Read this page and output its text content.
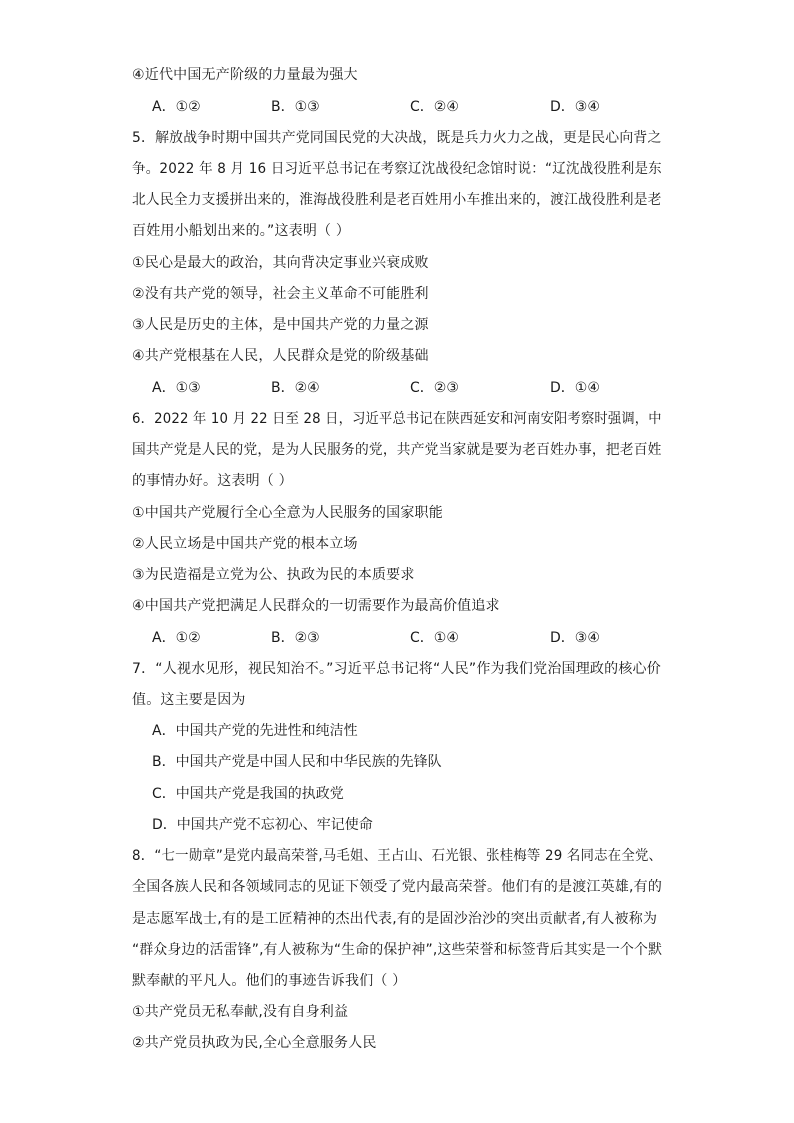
④近代中国无产阶级的力量最为强大
A．①②	B．①③	C．②④	D．③④
5．解放战争时期中国共产党同国民党的大决战，既是兵力火力之战，更是民心向背之
争。2022 年 8 月 16 日习近平总书记在考察辽沈战役纪念馆时说：“辽沈战役胜利是东
北人民全力支援拼出来的，淮海战役胜利是老百姓用小车推出来的，渡江战役胜利是老
百姓用小船划出来的。”这表明（ ）
①民心是最大的政治，其向背决定事业兴衰成败
②没有共产党的领导，社会主义革命不可能胜利
③人民是历史的主体，是中国共产党的力量之源
④共产党根基在人民，人民群众是党的阶级基础
A．①③	B．②④	C．②③	D．①④
6．2022 年 10 月 22 日至 28 日，习近平总书记在陕西延安和河南安阳考察时强调，中
国共产党是人民的党，是为人民服务的党，共产党当家就是要为老百姓办事，把老百姓
的事情办好。这表明（ ）
①中国共产党履行全心全意为人民服务的国家职能
②人民立场是中国共产党的根本立场
③为民造福是立党为公、执政为民的本质要求
④中国共产党把满足人民群众的一切需要作为最高价值追求
A．①②	B．②③	C．①④	D．③④
7．“人视水见形，视民知治不。”习近平总书记将“人民”作为我们党治国理政的核心价
值。这主要是因为
A．中国共产党的先进性和纯洁性
B．中国共产党是中国人民和中华民族的先锋队
C．中国共产党是我国的执政党
D．中国共产党不忘初心、牢记使命
8．“七一勋章”是党内最高荣誉,马毛姐、王占山、石光银、张桂梅等 29 名同志在全党、
全国各族人民和各领域同志的见证下领受了党内最高荣誉。他们有的是渡江英雄,有的
是志愿军战士,有的是工匠精神的杰出代表,有的是固沙治沙的突出贡献者,有人被称为
“群众身边的活雷锋”,有人被称为“生命的保护神”,这些荣誉和标签背后其实是一个个默
默奉献的平凡人。他们的事迹告诉我们（ ）
①共产党员无私奉献,没有自身利益
②共产党员执政为民,全心全意服务人民
